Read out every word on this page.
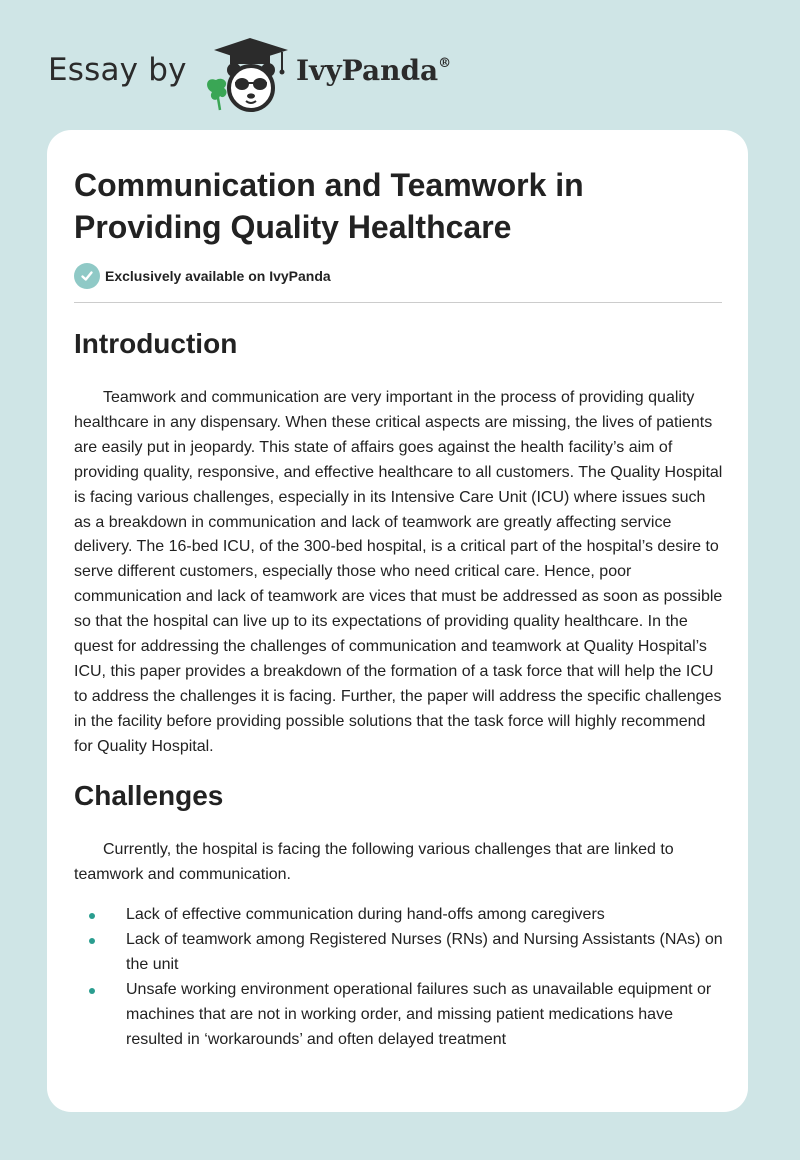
Essay by	IvyPanda®
Communication and Teamwork in Providing Quality Healthcare
Exclusively available on IvyPanda
Introduction

Teamwork and communication are very important in the process of providing quality healthcare in any dispensary. When these critical aspects are missing, the lives of patients are easily put in jeopardy. This state of affairs goes against the health facility’s aim of providing quality, responsive, and effective healthcare to all customers. The Quality Hospital is facing various challenges, especially in its Intensive Care Unit (ICU) where issues such as a breakdown in communication and lack of teamwork are greatly affecting service delivery. The 16-bed ICU, of the 300-bed hospital, is a critical part of the hospital’s desire to serve different customers, especially those who need critical care. Hence, poor communication and lack of teamwork are vices that must be addressed as soon as possible so that the hospital can live up to its expectations of providing quality healthcare. In the quest for addressing the challenges of communication and teamwork at Quality Hospital’s ICU, this paper provides a breakdown of the formation of a task force that will help the ICU to address the challenges it is facing. Further, the paper will address the specific challenges in the facility before providing possible solutions that the task force will highly recommend for Quality Hospital.

Challenges

Currently, the hospital is facing the following various challenges that are linked to teamwork and communication.

Lack of effective communication during hand-offs among caregivers
Lack of teamwork among Registered Nurses (RNs) and Nursing Assistants (NAs) on the unit
Unsafe working environment operational failures such as unavailable equipment or machines that are not in working order, and missing patient medications have resulted in ‘workarounds’ and often delayed treatment
